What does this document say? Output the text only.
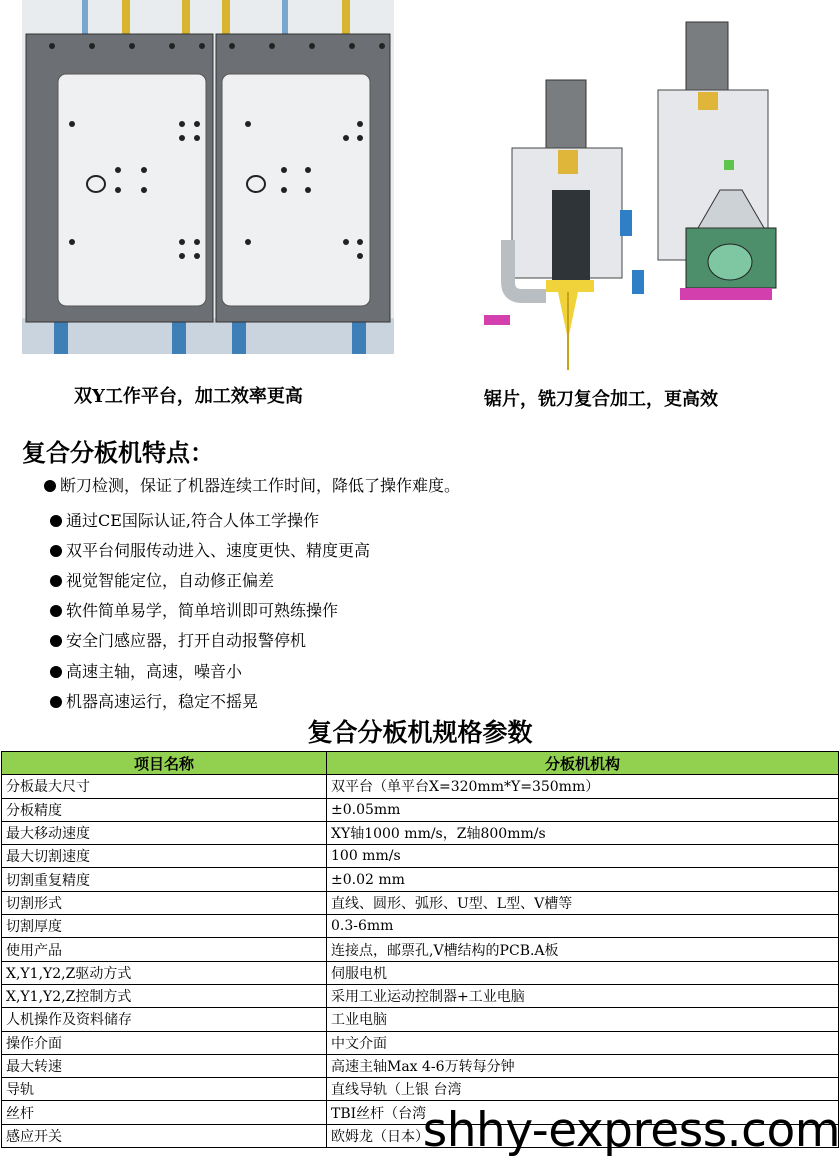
双Y工作平台，加工效率更高	锯片，铣刀复合加工，更高效
复合分板机特点：
断刀检测，保证了机器连续工作时间，降低了操作难度。
通过CE国际认证,符合人体工学操作
双平台伺服传动进入、速度更快、精度更高
视觉智能定位，自动修正偏差
软件简单易学，简单培训即可熟练操作
安全门感应器，打开自动报警停机
高速主轴，高速，噪音小
机器高速运行，稳定不摇晃
复合分板机规格参数
项目名称	分板机机构
分板最大尺寸	双平台（单平台X=320mm*Y=350mm）
分板精度	±0.05mm
最大移动速度	XY轴1000 mm/s，Z轴800mm/s
最大切割速度	100 mm/s
切割重复精度	±0.02 mm
切割形式	直线、圆形、弧形、U型、L型、V槽等
切割厚度	0.3-6mm
使用产品	连接点，邮票孔,V槽结构的PCB.A板
X,Y1,Y2,Z驱动方式	伺服电机
X,Y1,Y2,Z控制方式	采用工业运动控制器+工业电脑
人机操作及资料储存	工业电脑
操作介面	中文介面
最大转速	高速主轴Max 4-6万转每分钟
导轨	直线导轨（上银 台湾
丝杆	TBI丝杆（台湾
感应开关	欧姆龙（日本）
shhy-express.com
